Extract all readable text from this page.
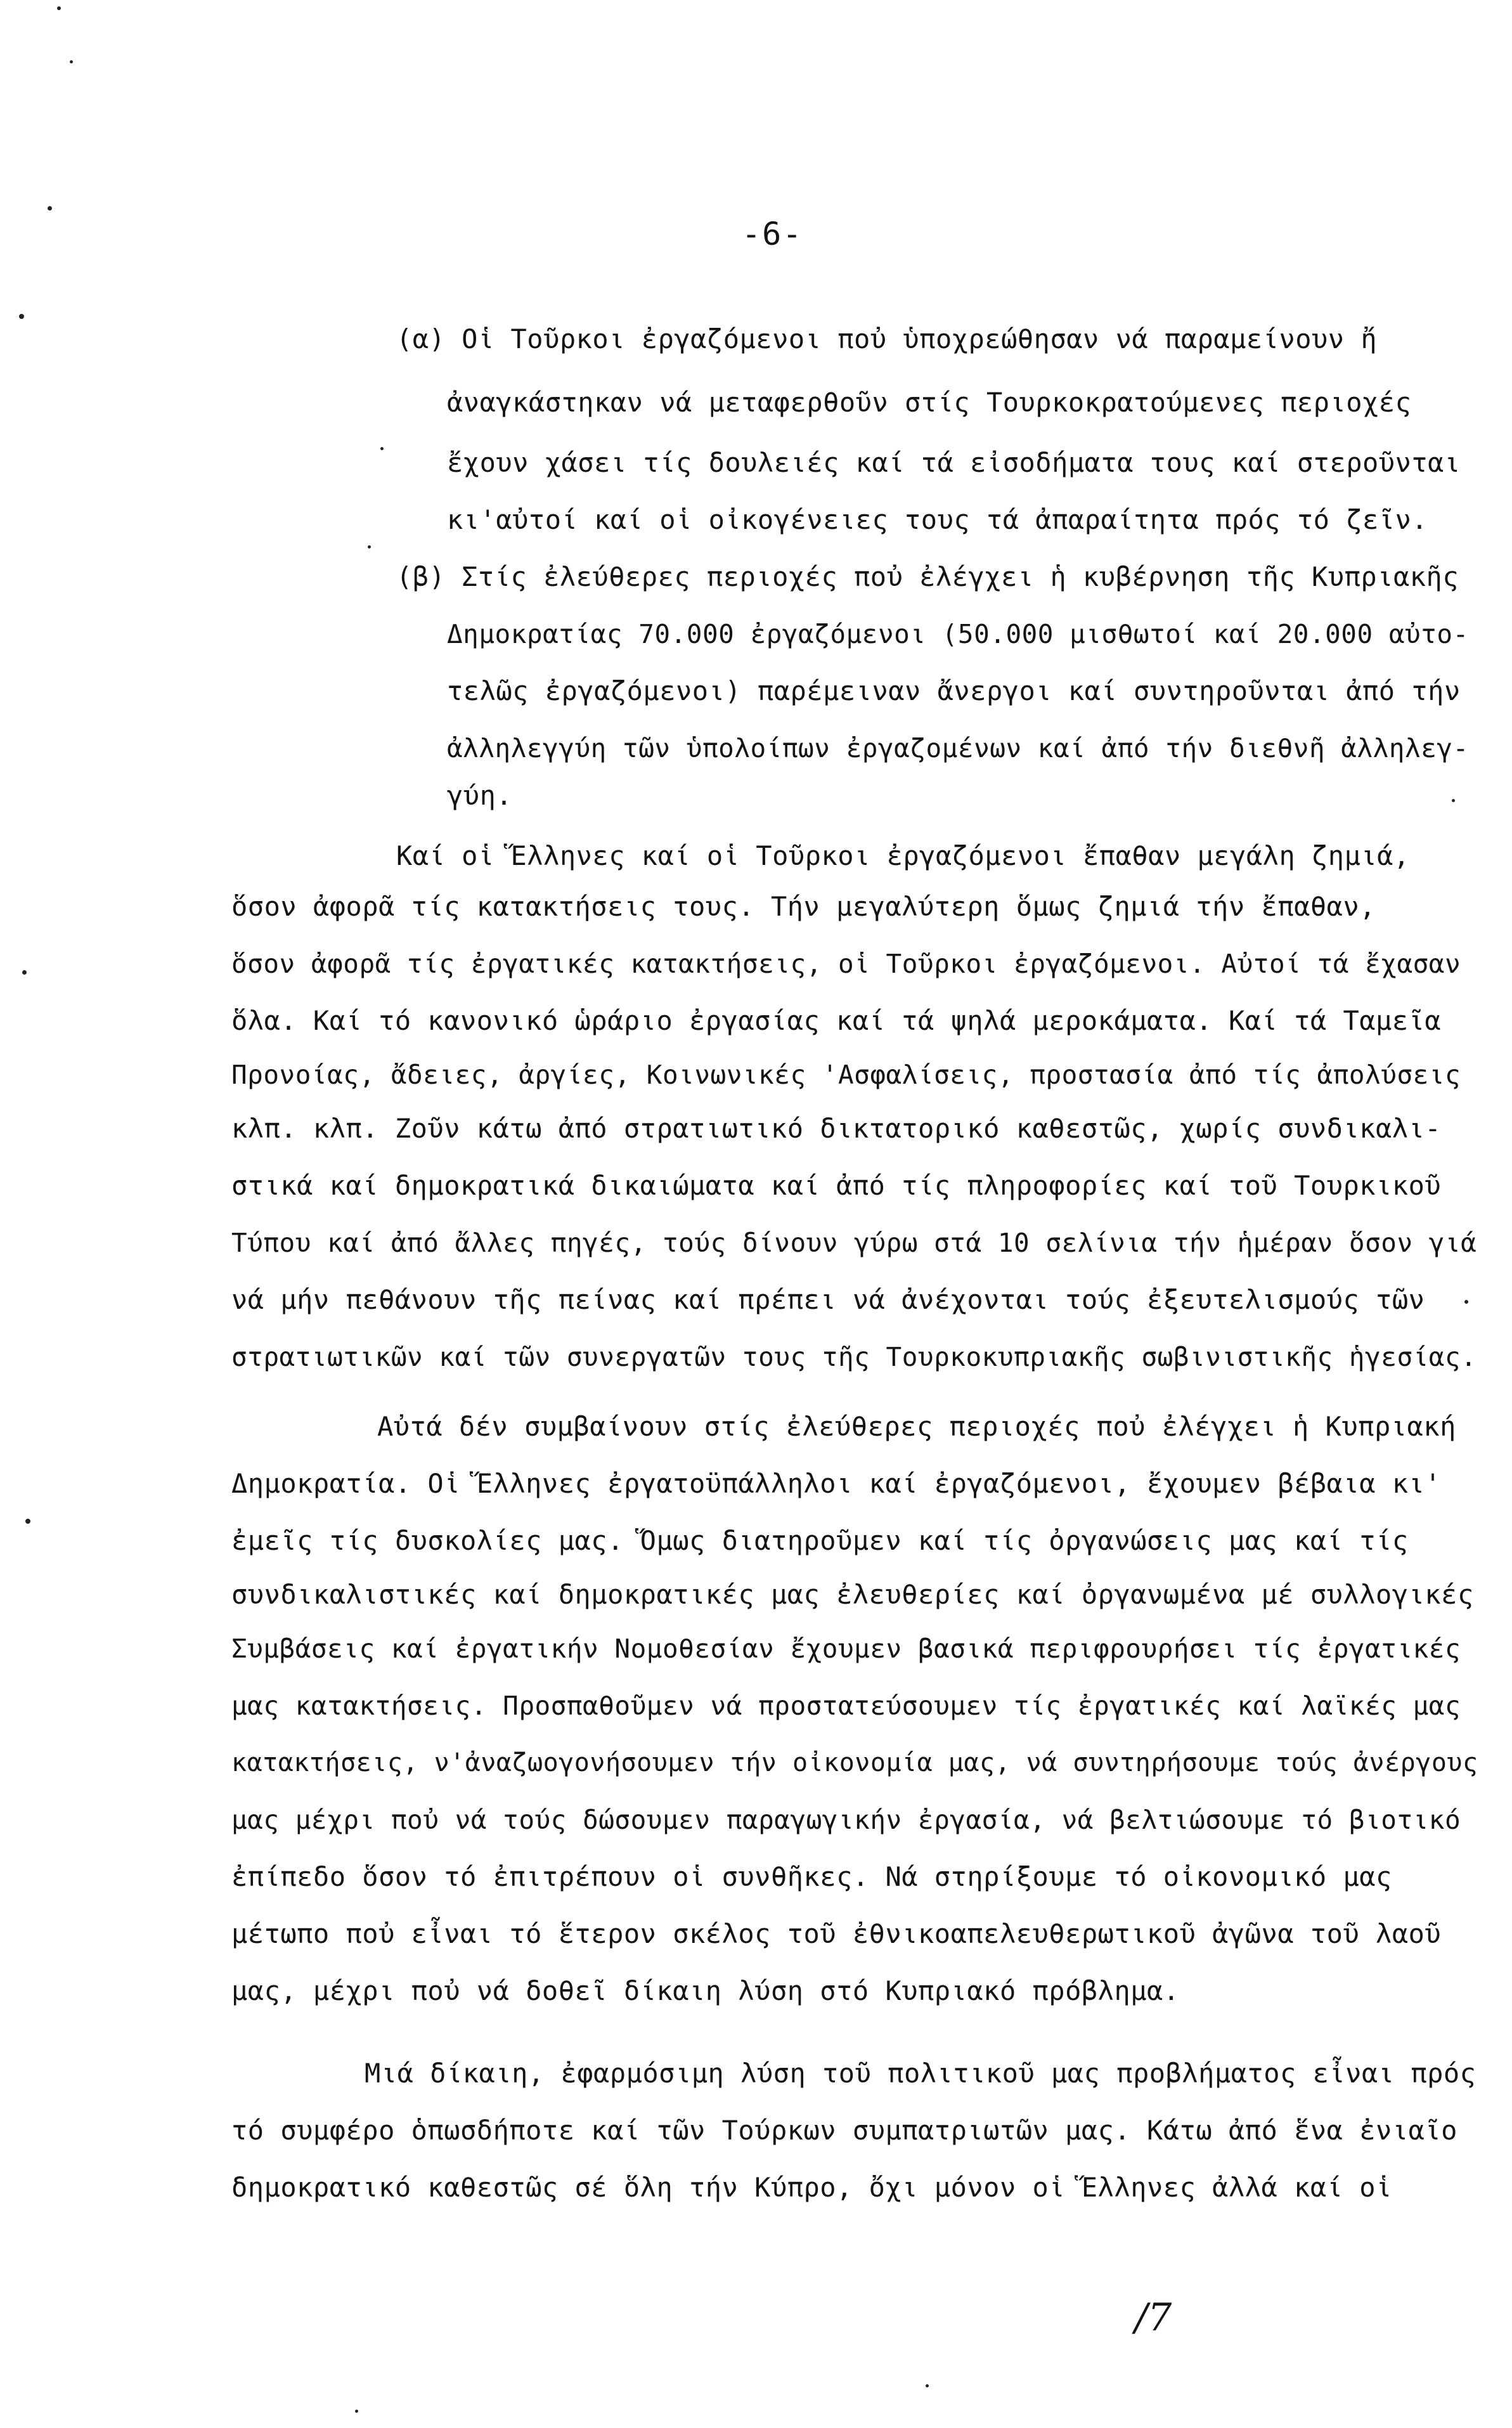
-6-
(α) Οἱ Τοῦρκοι ἐργαζόμενοι ποὐ ὑποχρεώθησαν νά παραμείνουν ἤ
ἀναγκάστηκαν νά μεταφερθοῦν στίς Τουρκοκρατούμενες περιοχές
ἔχουν χάσει τίς δουλειές καί τά εἰσοδήματα τους καί στεροῦνται
κι'αὐτοί καί οἱ οἰκογένειες τους τά ἀπαραίτητα πρός τό ζεῖν.
(β) Στίς ἐλεύθερες περιοχές ποὐ ἐλέγχει ἡ κυβέρνηση τῆς Κυπριακῆς
Δημοκρατίας 70.000 ἐργαζόμενοι (50.000 μισθωτοί καί 20.000 αὐτο-
τελῶς ἐργαζόμενοι) παρέμειναν ἄνεργοι καί συντηροῦνται ἀπό τήν
ἀλληλεγγύη τῶν ὑπολοίπων ἐργαζομένων καί ἀπό τήν διεθνῆ ἀλληλεγ-
γύη.
Καί οἱ Ἕλληνες καί οἱ Τοῦρκοι ἐργαζόμενοι ἔπαθαν μεγάλη ζημιά,
ὅσον ἀφορᾶ τίς κατακτήσεις τους. Τήν μεγαλύτερη ὅμως ζημιά τήν ἔπαθαν,
ὅσον ἀφορᾶ τίς ἐργατικές κατακτήσεις, οἱ Τοῦρκοι ἐργαζόμενοι. Αὐτοί τά ἔχασαν
ὅλα. Καί τό κανονικό ὡράριο ἐργασίας καί τά ψηλά μεροκάματα. Καί τά Ταμεῖα
Προνοίας, ἄδειες, ἀργίες, Κοινωνικές 'Ασφαλίσεις, προστασία ἀπό τίς ἀπολύσεις
κλπ. κλπ. Ζοῦν κάτω ἀπό στρατιωτικό δικτατορικό καθεστῶς, χωρίς συνδικαλι-
στικά καί δημοκρατικά δικαιώματα καί ἀπό τίς πληροφορίες καί τοῦ Τουρκικοῦ
Τύπου καί ἀπό ἄλλες πηγές, τούς δίνουν γύρω στά 10 σελίνια τήν ἡμέραν ὅσον γιά
νά μήν πεθάνουν τῆς πείνας καί πρέπει νά ἀνέχονται τούς ἐξευτελισμούς τῶν
στρατιωτικῶν καί τῶν συνεργατῶν τους τῆς Τουρκοκυπριακῆς σωβινιστικῆς ἡγεσίας.
Αὐτά δέν συμβαίνουν στίς ἐλεύθερες περιοχές ποὐ ἐλέγχει ἡ Κυπριακή
Δημοκρατία. Οἱ Ἕλληνες ἐργατοϋπάλληλοι καί ἐργαζόμενοι, ἔχουμεν βέβαια κι'
ἐμεῖς τίς δυσκολίες μας. Ὅμως διατηροῦμεν καί τίς ὀργανώσεις μας καί τίς
συνδικαλιστικές καί δημοκρατικές μας ἐλευθερίες καί ὀργανωμένα μέ συλλογικές
Συμβάσεις καί ἐργατικήν Νομοθεσίαν ἔχουμεν βασικά περιφρουρήσει τίς ἐργατικές
μας κατακτήσεις. Προσπαθοῦμεν νά προστατεύσουμεν τίς ἐργατικές καί λαϊκές μας
κατακτήσεις, ν'ἀναζωογονήσουμεν τήν οἰκονομία μας, νά συντηρήσουμε τούς ἀνέργους
μας μέχρι ποὐ νά τούς δώσουμεν παραγωγικήν ἐργασία, νά βελτιώσουμε τό βιοτικό
ἐπίπεδο ὅσον τό ἐπιτρέπουν οἱ συνθῆκες. Νά στηρίξουμε τό οἰκονομικό μας
μέτωπο ποὐ εἶναι τό ἕτερον σκέλος τοῦ ἐθνικοαπελευθερωτικοῦ ἀγῶνα τοῦ λαοῦ
μας, μέχρι ποὐ νά δοθεῖ δίκαιη λύση στό Κυπριακό πρόβλημα.
Μιά δίκαιη, ἐφαρμόσιμη λύση τοῦ πολιτικοῦ μας προβλήματος εἶναι πρός
τό συμφέρο ὁπωσδήποτε καί τῶν Τούρκων συμπατριωτῶν μας. Κάτω ἀπό ἕνα ἐνιαῖο
δημοκρατικό καθεστῶς σέ ὅλη τήν Κύπρο, ὄχι μόνον οἱ Ἕλληνες ἀλλά καί οἱ
/7
